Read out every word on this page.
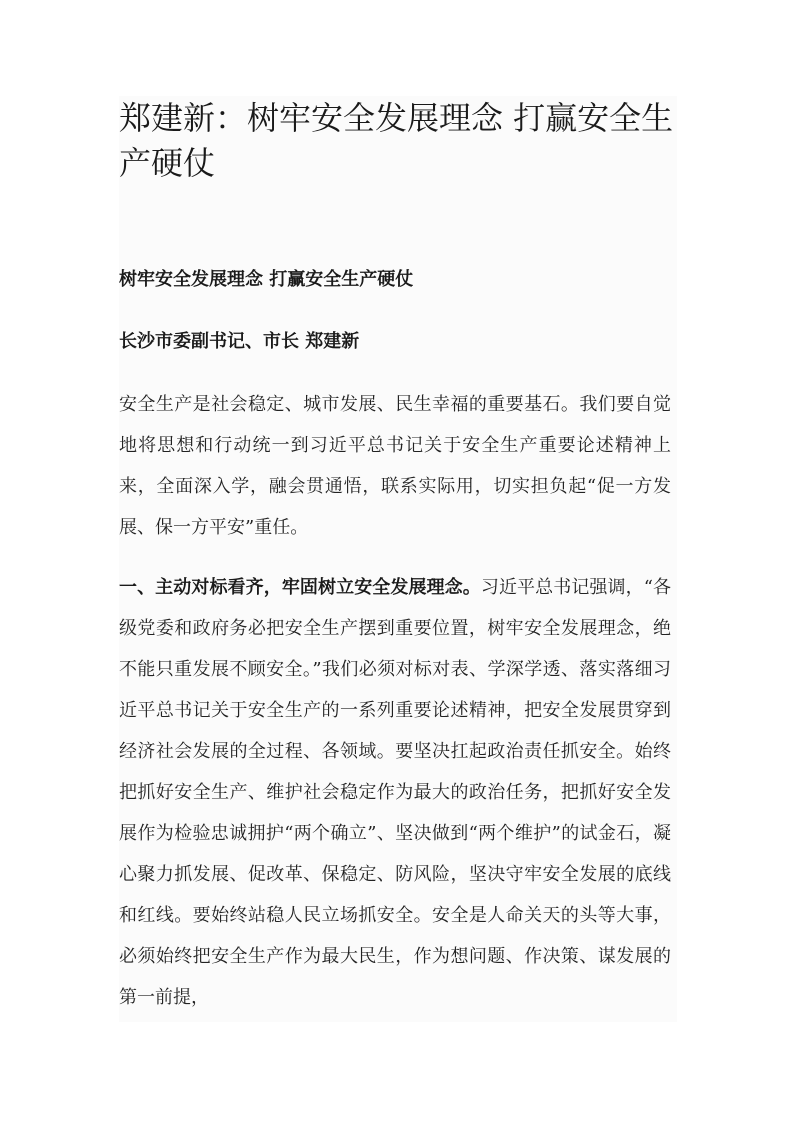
郑建新：树牢安全发展理念 打赢安全生产硬仗

树牢安全发展理念 打赢安全生产硬仗

长沙市委副书记、市长 郑建新

安全生产是社会稳定、城市发展、民生幸福的重要基石。我们要自觉地将思想和行动统一到习近平总书记关于安全生产重要论述精神上来，全面深入学，融会贯通悟，联系实际用，切实担负起“促一方发展、保一方平安”重任。

一、主动对标看齐，牢固树立安全发展理念。习近平总书记强调，“各级党委和政府务必把安全生产摆到重要位置，树牢安全发展理念，绝不能只重发展不顾安全。”我们必须对标对表、学深学透、落实落细习近平总书记关于安全生产的一系列重要论述精神，把安全发展贯穿到经济社会发展的全过程、各领域。要坚决扛起政治责任抓安全。始终把抓好安全生产、维护社会稳定作为最大的政治任务，把抓好安全发展作为检验忠诚拥护“两个确立”、坚决做到“两个维护”的试金石，凝心聚力抓发展、促改革、保稳定、防风险，坚决守牢安全发展的底线和红线。要始终站稳人民立场抓安全。安全是人命关天的头等大事，必须始终把安全生产作为最大民生，作为想问题、作决策、谋发展的第一前提，
